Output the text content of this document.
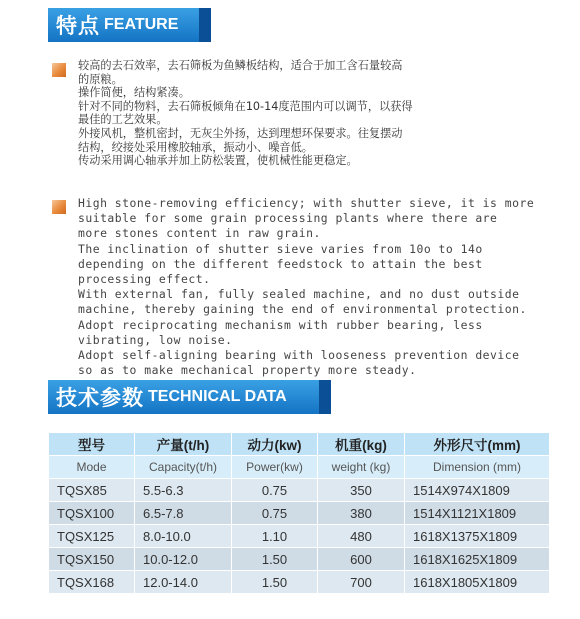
特点 FEATURE
较高的去石效率，去石筛板为鱼鳞板结构，适合于加工含石量较高
的原粮。
操作简便，结构紧凑。
针对不同的物料，去石筛板倾角在10-14度范围内可以调节，以获得
最佳的工艺效果。
外接风机，整机密封，无灰尘外扬，达到理想环保要求。往复摆动
结构，绞接处采用橡胶轴承，振动小、噪音低。
传动采用调心轴承并加上防松装置，使机械性能更稳定。
High stone-removing efficiency; with shutter sieve, it is more
suitable for some grain processing plants where there are
more stones content in raw grain.
The inclination of shutter sieve varies from 10o to 14o
depending on the different feedstock to attain the best
processing effect.
With external fan, fully sealed machine, and no dust outside
machine, thereby gaining the end of environmental protection.
Adopt reciprocating mechanism with rubber bearing, less
vibrating, low noise.
Adopt self-aligning bearing with looseness prevention device
so as to make mechanical property more steady.
技术参数 TECHNICAL DATA
型号	产量(t/h)	动力(kw)	机重(kg)	外形尺寸(mm)
Mode	Capacity(t/h)	Power(kw)	weight (kg)	Dimension (mm)
TQSX85	5.5-6.3	0.75	350	1514X974X1809
TQSX100	6.5-7.8	0.75	380	1514X1121X1809
TQSX125	8.0-10.0	1.10	480	1618X1375X1809
TQSX150	10.0-12.0	1.50	600	1618X1625X1809
TQSX168	12.0-14.0	1.50	700	1618X1805X1809
